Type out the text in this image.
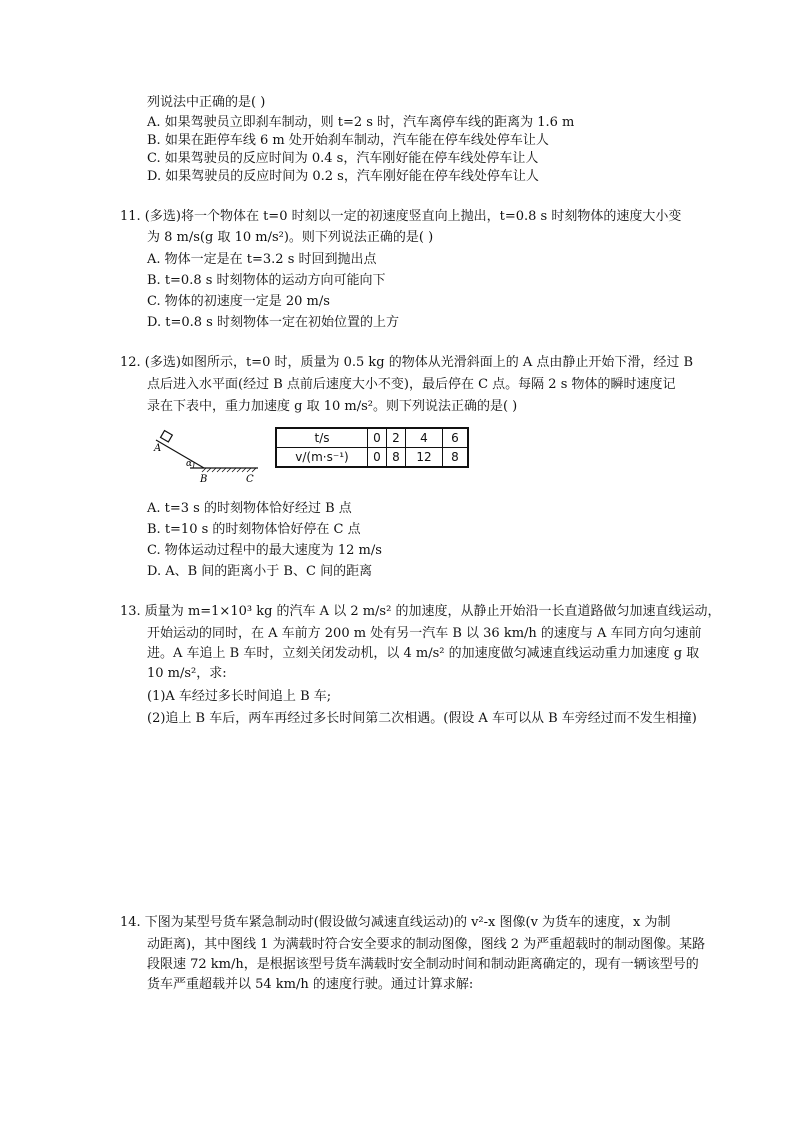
列说法中正确的是( )
A. 如果驾驶员立即刹车制动，则 t=2 s 时，汽车离停车线的距离为 1.6 m
B. 如果在距停车线 6 m 处开始刹车制动，汽车能在停车线处停车让人
C. 如果驾驶员的反应时间为 0.4 s，汽车刚好能在停车线处停车让人
D. 如果驾驶员的反应时间为 0.2 s，汽车刚好能在停车线处停车让人
11. (多选)将一个物体在 t=0 时刻以一定的初速度竖直向上抛出，t=0.8 s 时刻物体的速度大小变
为 8 m/s(g 取 10 m/s²)。则下列说法正确的是( )
A. 物体一定是在 t=3.2 s 时回到抛出点
B. t=0.8 s 时刻物体的运动方向可能向下
C. 物体的初速度一定是 20 m/s
D. t=0.8 s 时刻物体一定在初始位置的上方
12. (多选)如图所示，t=0 时，质量为 0.5 kg 的物体从光滑斜面上的 A 点由静止开始下滑，经过 B
点后进入水平面(经过 B 点前后速度大小不变)，最后停在 C 点。每隔 2 s 物体的瞬时速度记
录在下表中，重力加速度 g 取 10 m/s²。则下列说法正确的是( )
A
α
B	C
t/s	0	2	4	6
v/(m·s⁻¹)	0	8	12	8
A. t=3 s 的时刻物体恰好经过 B 点
B. t=10 s 的时刻物体恰好停在 C 点
C. 物体运动过程中的最大速度为 12 m/s
D. A、B 间的距离小于 B、C 间的距离
13. 质量为 m=1×10³ kg 的汽车 A 以 2 m/s² 的加速度，从静止开始沿一长直道路做匀加速直线运动，
开始运动的同时，在 A 车前方 200 m 处有另一汽车 B 以 36 km/h 的速度与 A 车同方向匀速前进。A 车追上 B 车时，立刻关闭发动机，以 4 m/s² 的加速度做匀减速直线运动重力加速度 g 取 10 m/s²，求:
(1)A 车经过多长时间追上 B 车;
(2)追上 B 车后，两车再经过多长时间第二次相遇。(假设 A 车可以从 B 车旁经过而不发生相撞)
14. 下图为某型号货车紧急制动时(假设做匀减速直线运动)的 v²-x 图像(v 为货车的速度，x 为制
动距离)，其中图线 1 为满载时符合安全要求的制动图像，图线 2 为严重超载时的制动图像。某路段限速 72 km/h，是根据该型号货车满载时安全制动时间和制动距离确定的，现有一辆该型号的货车严重超载并以 54 km/h 的速度行驶。通过计算求解:
